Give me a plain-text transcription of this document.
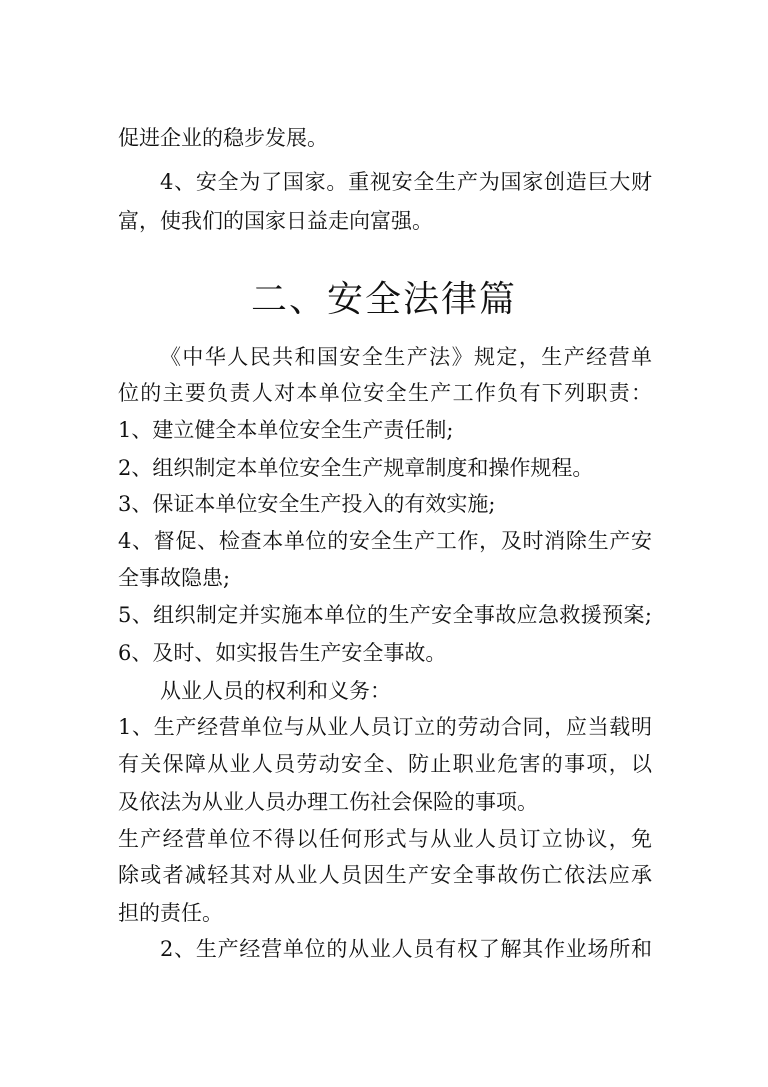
促进企业的稳步发展。
4、安全为了国家。重视安全生产为国家创造巨大财
富，使我们的国家日益走向富强。
二、安全法律篇
《中华人民共和国安全生产法》规定，生产经营单
位的主要负责人对本单位安全生产工作负有下列职责：
1、建立健全本单位安全生产责任制;
2、组织制定本单位安全生产规章制度和操作规程。
3、保证本单位安全生产投入的有效实施;
4、督促、检查本单位的安全生产工作，及时消除生产安
全事故隐患;
5、组织制定并实施本单位的生产安全事故应急救援预案;
6、及时、如实报告生产安全事故。
从业人员的权利和义务：
1、生产经营单位与从业人员订立的劳动合同，应当载明
有关保障从业人员劳动安全、防止职业危害的事项，以
及依法为从业人员办理工伤社会保险的事项。
生产经营单位不得以任何形式与从业人员订立协议，免
除或者减轻其对从业人员因生产安全事故伤亡依法应承
担的责任。
2、生产经营单位的从业人员有权了解其作业场所和
